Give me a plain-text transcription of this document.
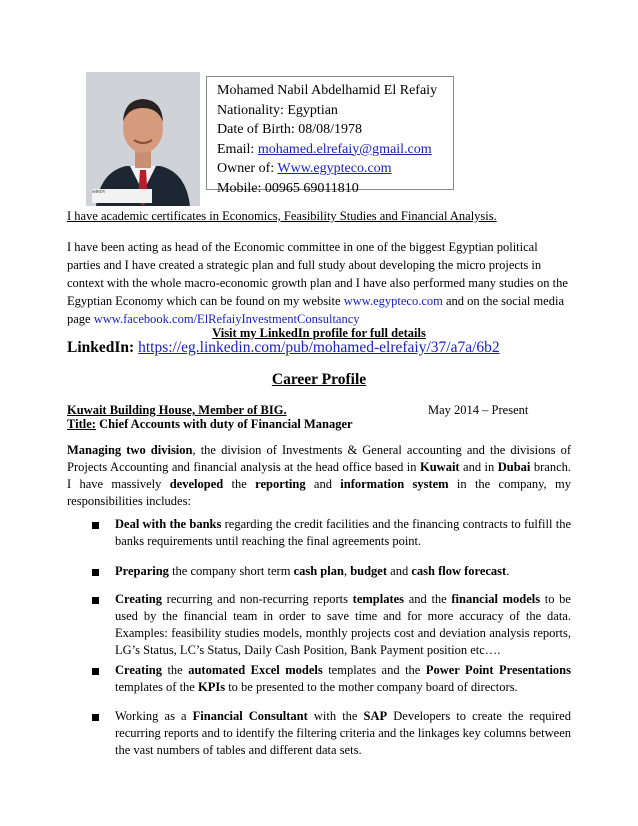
SHBDY
Mohamed Nabil Abdelhamid El Refaiy
Nationality: Egyptian
Date of Birth: 08/08/1978
Email: mohamed.elrefaiy@gmail.com
Owner of: Www.egypteco.com
Mobile: 00965 69011810
I have academic certificates in Economics, Feasibility Studies and Financial Analysis.
I have been acting as head of the Economic committee in one of the biggest Egyptian political parties and I have created a strategic plan and full study about developing the micro projects in context with the whole macro-economic growth plan and I have also performed many studies on the Egyptian Economy which can be found on my website www.egypteco.com and on the social media page www.facebook.com/ElRefaiyInvestmentConsultancy
Visit my LinkedIn profile for full details
LinkedIn: https://eg.linkedin.com/pub/mohamed-elrefaiy/37/a7a/6b2
Career Profile
Kuwait Building House, Member of BIG.	May 2014 – Present
Title: Chief Accounts with duty of Financial Manager
Managing two division, the division of Investments & General accounting and the divisions of Projects Accounting and financial analysis at the head office based in Kuwait and in Dubai branch. I have massively developed the reporting and information system in the company, my responsibilities includes:
Deal with the banks regarding the credit facilities and the financing contracts to fulfill the banks requirements until reaching the final agreements point.
Preparing the company short term cash plan, budget and cash flow forecast.
Creating recurring and non-recurring reports templates and the financial models to be used by the financial team in order to save time and for more accuracy of the data. Examples: feasibility studies models, monthly projects cost and deviation analysis reports, LG’s Status, LC’s Status, Daily Cash Position, Bank Payment position etc….
Creating the automated Excel models templates and the Power Point Presentations templates of the KPIs to be presented to the mother company board of directors.
Working as a Financial Consultant with the SAP Developers to create the required recurring reports and to identify the filtering criteria and the linkages key columns between the vast numbers of tables and different data sets.
